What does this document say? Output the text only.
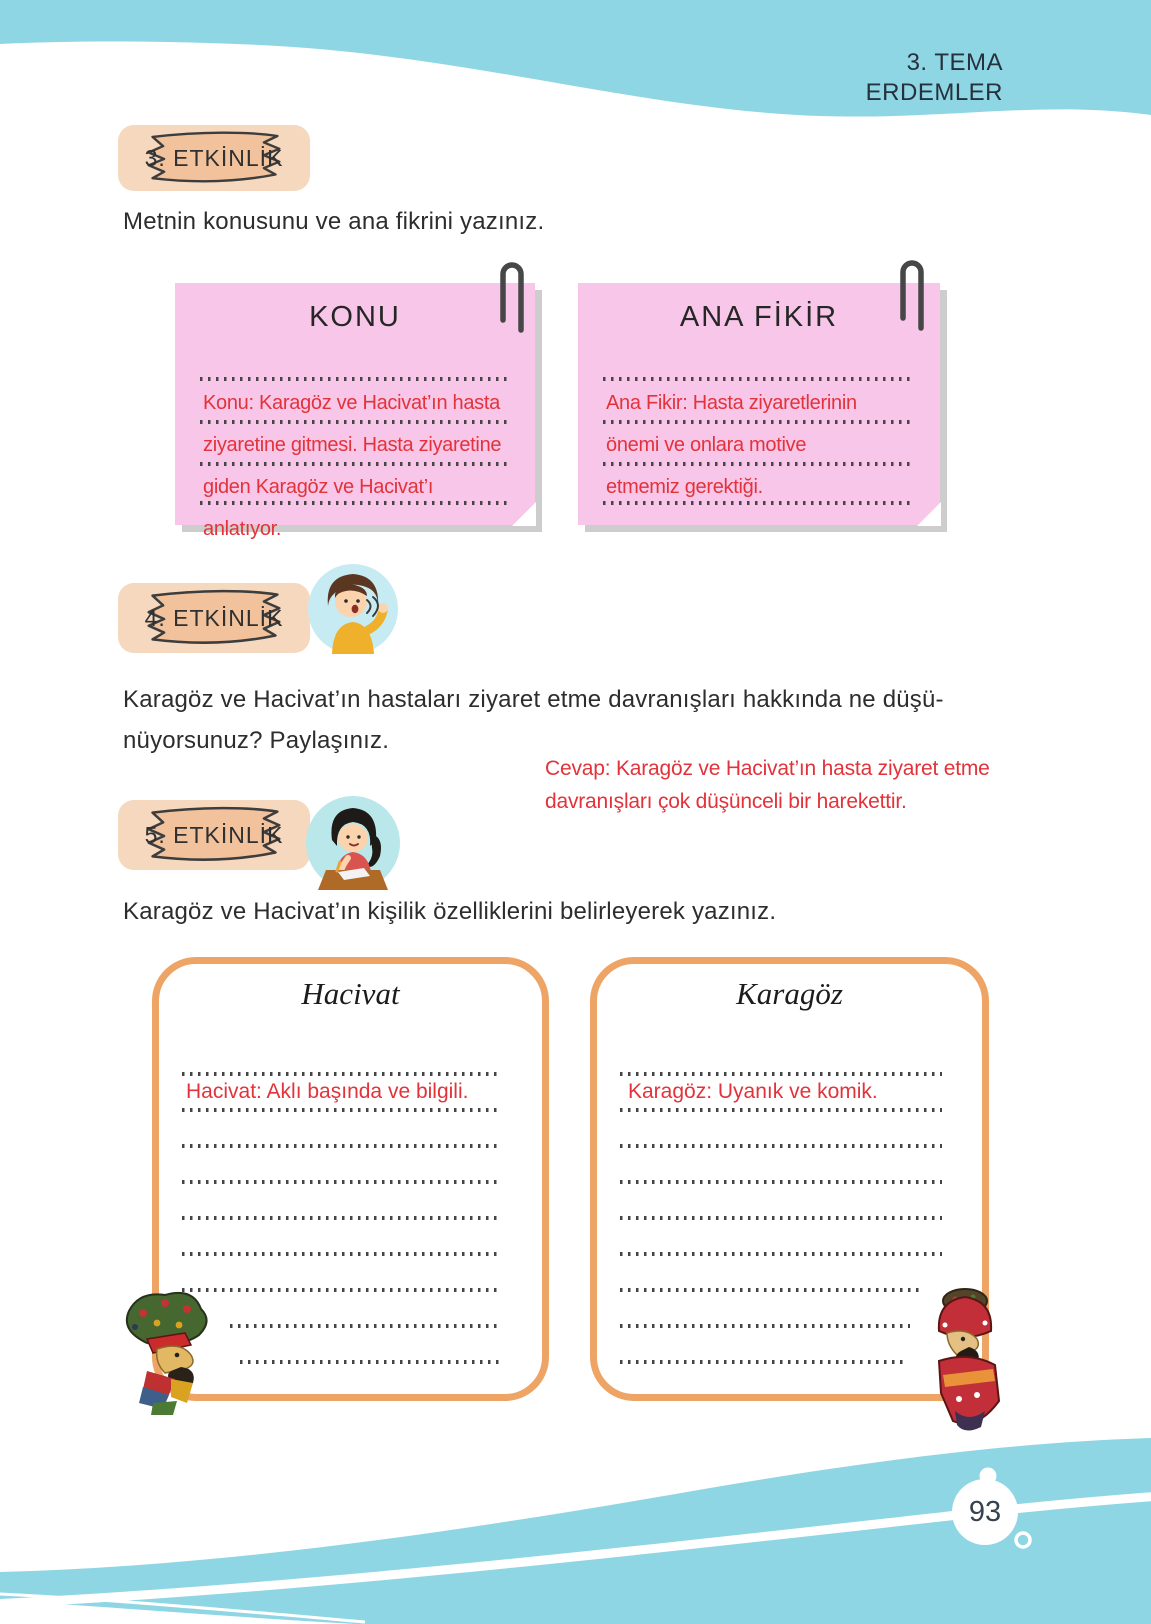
3. TEMA
ERDEMLER
3. ETKİNLİK
Metnin konusunu ve ana fikrini yazınız.
KONU
Konu: Karagöz ve Hacivat’ın hasta
ziyaretine gitmesi. Hasta ziyaretine
giden Karagöz ve Hacivat’ı
anlatıyor.
ANA FİKİR
Ana Fikir: Hasta ziyaretlerinin
önemi ve onlara motive
etmemiz gerektiği.
4. ETKİNLİK
Karagöz ve Hacivat’ın hastaları ziyaret etme davranışları hakkında ne düşü-
nüyorsunuz? Paylaşınız.
Cevap: Karagöz ve Hacivat’ın hasta ziyaret etme
davranışları çok düşünceli bir harekettir.
5. ETKİNLİK
Karagöz ve Hacivat’ın kişilik özelliklerini belirleyerek yazınız.
Hacivat
Hacivat: Aklı başında ve bilgili.
Karagöz
Karagöz: Uyanık ve komik.
93
